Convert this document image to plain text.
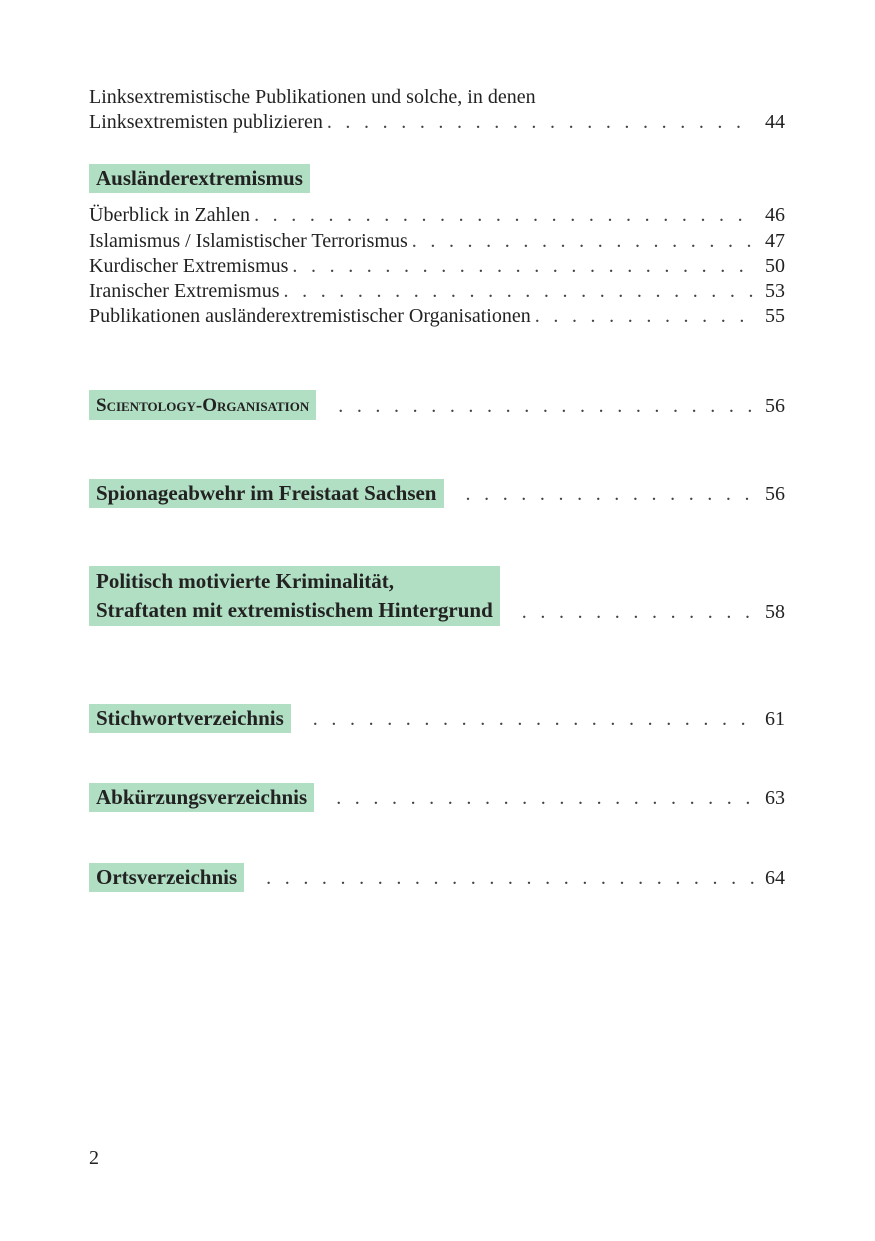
Linksextremistische Publikationen und solche, in denen
Linksextremisten publizieren . . .	44
Ausländerextremismus
Überblick in Zahlen . . .	46
Islamismus / Islamistischer Terrorismus . . .	47
Kurdischer Extremismus . . .	50
Iranischer Extremismus . . .	53
Publikationen ausländerextremistischer Organisationen . . .	55
Scientology-Organisation . . .	56
Spionageabwehr im Freistaat Sachsen . . .	56
Politisch motivierte Kriminalität,
Straftaten mit extremistischem Hintergrund . . .	58
Stichwortverzeichnis . . .	61
Abkürzungsverzeichnis . . .	63
Ortsverzeichnis . . .	64
2
